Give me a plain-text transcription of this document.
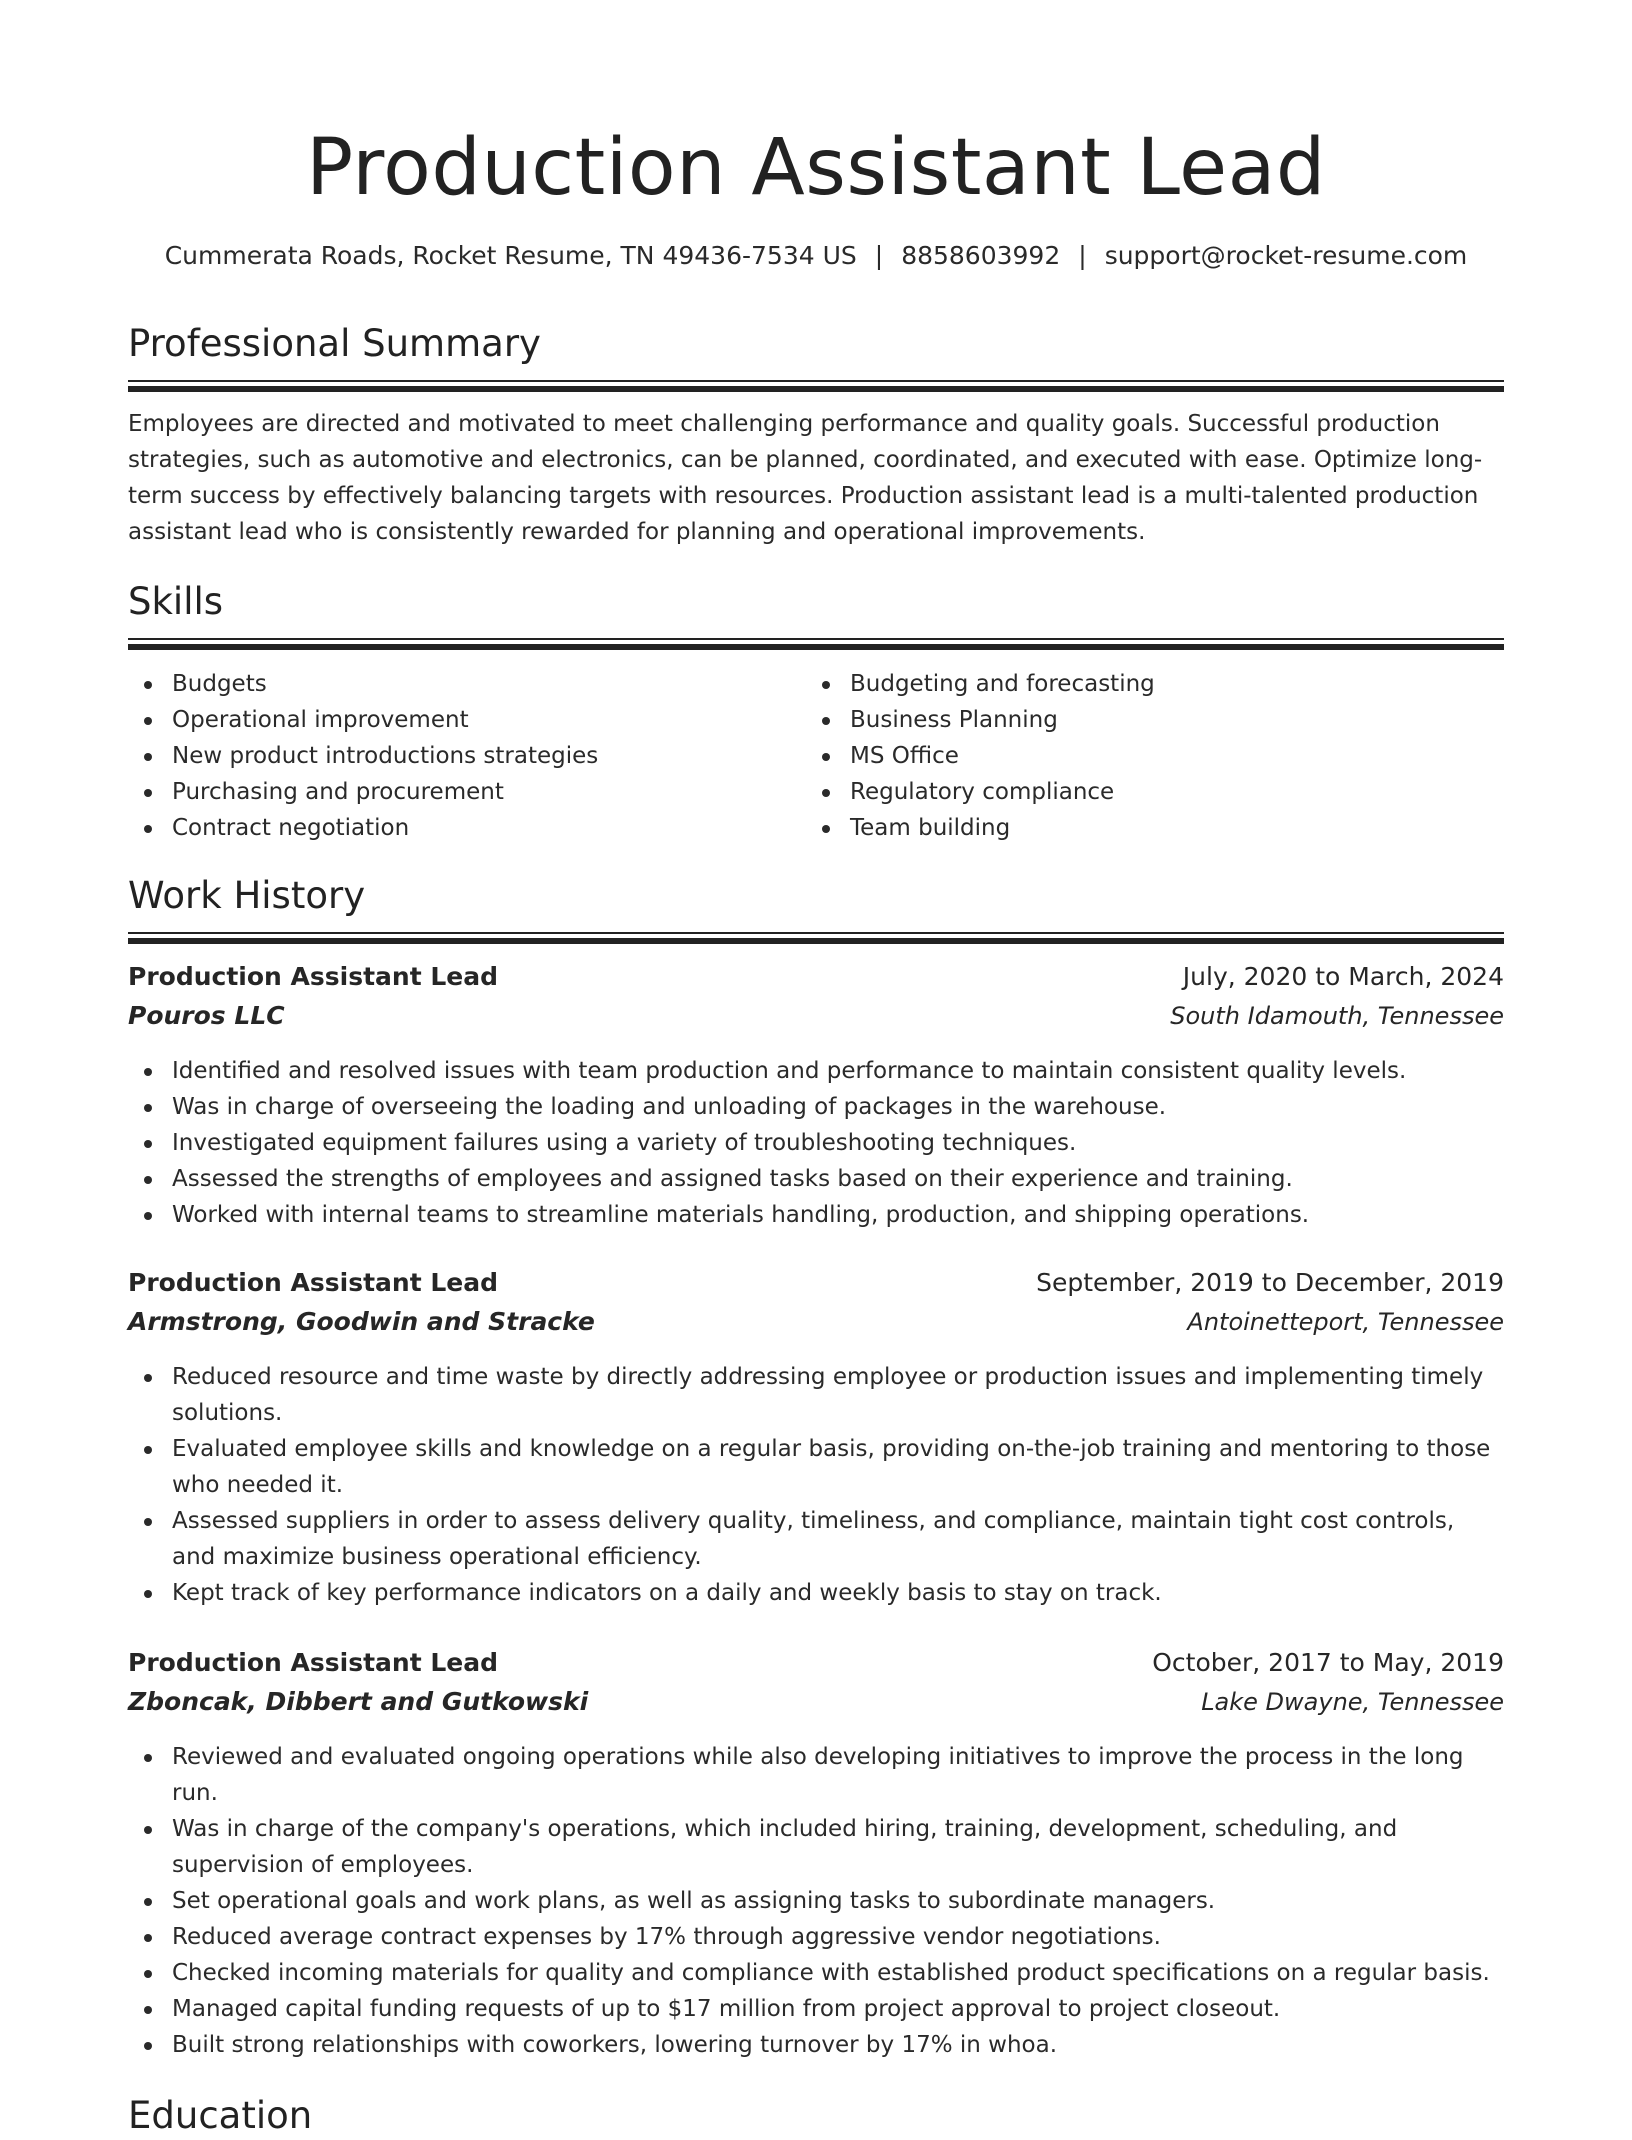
Production Assistant Lead
Cummerata Roads, Rocket Resume, TN 49436-7534 US | 8858603992 | support@rocket-resume.com
Professional Summary

Employees are directed and motivated to meet challenging performance and quality goals. Successful production strategies, such as automotive and electronics, can be planned, coordinated, and executed with ease. Optimize long-term success by effectively balancing targets with resources. Production assistant lead is a multi-talented production assistant lead who is consistently rewarded for planning and operational improvements.

Skills
Budgets
Operational improvement
New product introductions strategies
Purchasing and procurement
Contract negotiation
Budgeting and forecasting
Business Planning
MS Office
Regulatory compliance
Team building
Work History
Production Assistant Lead	July, 2020 to March, 2024
Pouros LLC	South Idamouth, Tennessee
Identified and resolved issues with team production and performance to maintain consistent quality levels.
Was in charge of overseeing the loading and unloading of packages in the warehouse.
Investigated equipment failures using a variety of troubleshooting techniques.
Assessed the strengths of employees and assigned tasks based on their experience and training.
Worked with internal teams to streamline materials handling, production, and shipping operations.
Production Assistant Lead	September, 2019 to December, 2019
Armstrong, Goodwin and Stracke	Antoinetteport, Tennessee
Reduced resource and time waste by directly addressing employee or production issues and implementing timely solutions.
Evaluated employee skills and knowledge on a regular basis, providing on-the-job training and mentoring to those who needed it.
Assessed suppliers in order to assess delivery quality, timeliness, and compliance, maintain tight cost controls, and maximize business operational efficiency.
Kept track of key performance indicators on a daily and weekly basis to stay on track.
Production Assistant Lead	October, 2017 to May, 2019
Zboncak, Dibbert and Gutkowski	Lake Dwayne, Tennessee
Reviewed and evaluated ongoing operations while also developing initiatives to improve the process in the long run.
Was in charge of the company's operations, which included hiring, training, development, scheduling, and supervision of employees.
Set operational goals and work plans, as well as assigning tasks to subordinate managers.
Reduced average contract expenses by 17% through aggressive vendor negotiations.
Checked incoming materials for quality and compliance with established product specifications on a regular basis.
Managed capital funding requests of up to $17 million from project approval to project closeout.
Built strong relationships with coworkers, lowering turnover by 17% in whoa.
Education
